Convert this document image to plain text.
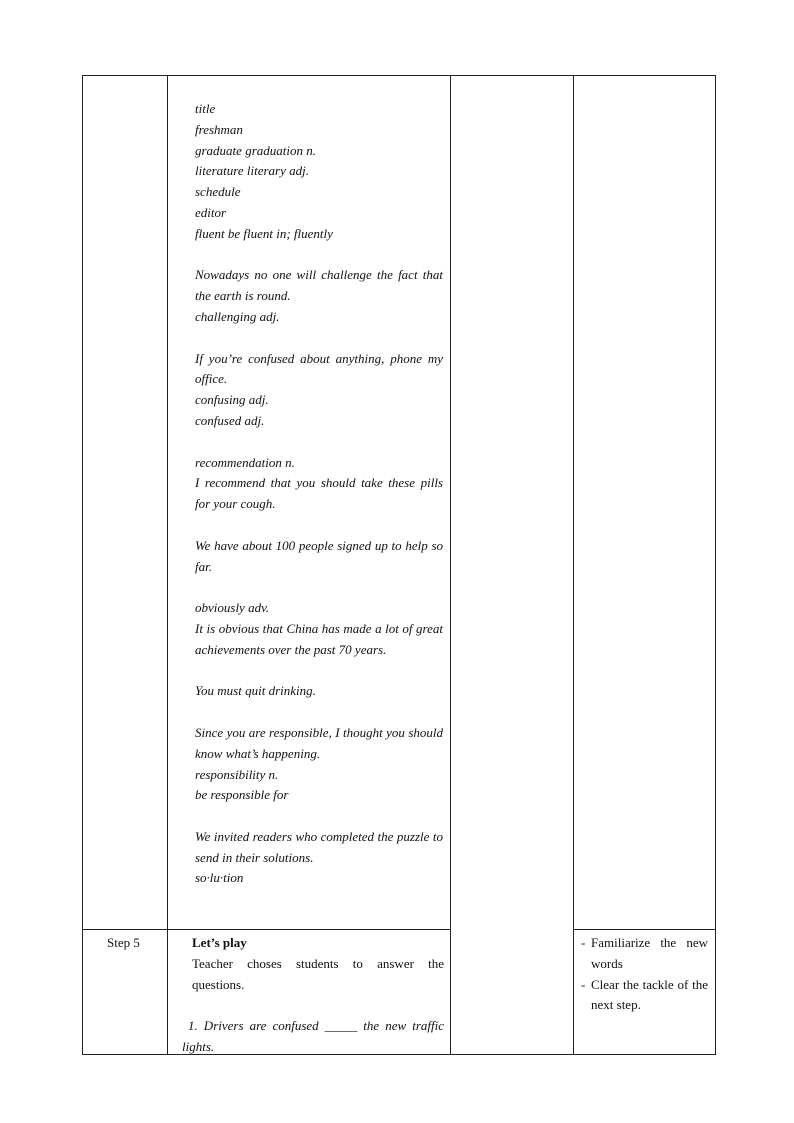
title

freshman

graduate graduation n.

literature literary adj.

schedule

editor

fluent be fluent in; fluently

Nowadays no one will challenge the fact that the earth is round.

challenging adj.

If you’re confused about anything, phone my office.

confusing adj.

confused adj.

recommendation n.

I recommend that you should take these pills for your cough.

We have about 100 people signed up to help so far.

obviously adv.

It is obvious that China has made a lot of great achievements over the past 70 years.

You must quit drinking.

Since you are responsible, I thought you should know what’s happening.

responsibility n.

be responsible for

We invited readers who completed the puzzle to send in their solutions.

so·lu·tion

Step 5	Let’s play

Teacher choses students to answer the questions.

1. Drivers are confused _____ the new traffic lights.

- Familiarize the new words
- Clear the tackle of the next step.
